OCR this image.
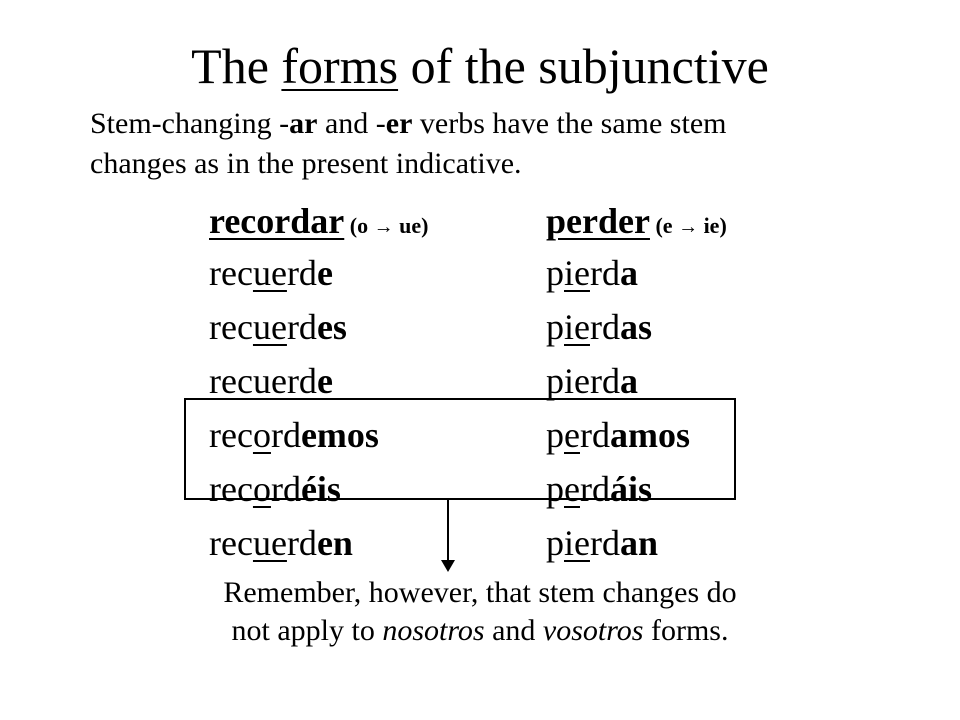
The forms of the subjunctive
Stem-changing -ar and -er verbs have the same stem
changes as in the present indicative.
recordar (o → ue)
recuerde
recuerdes
recuerde
recordemos
recordéis
recuerden
perder (e → ie)
pierda
pierdas
pierda
perdamos
perdáis
pierdan
Remember, however, that stem changes do
not apply to nosotros and vosotros forms.
